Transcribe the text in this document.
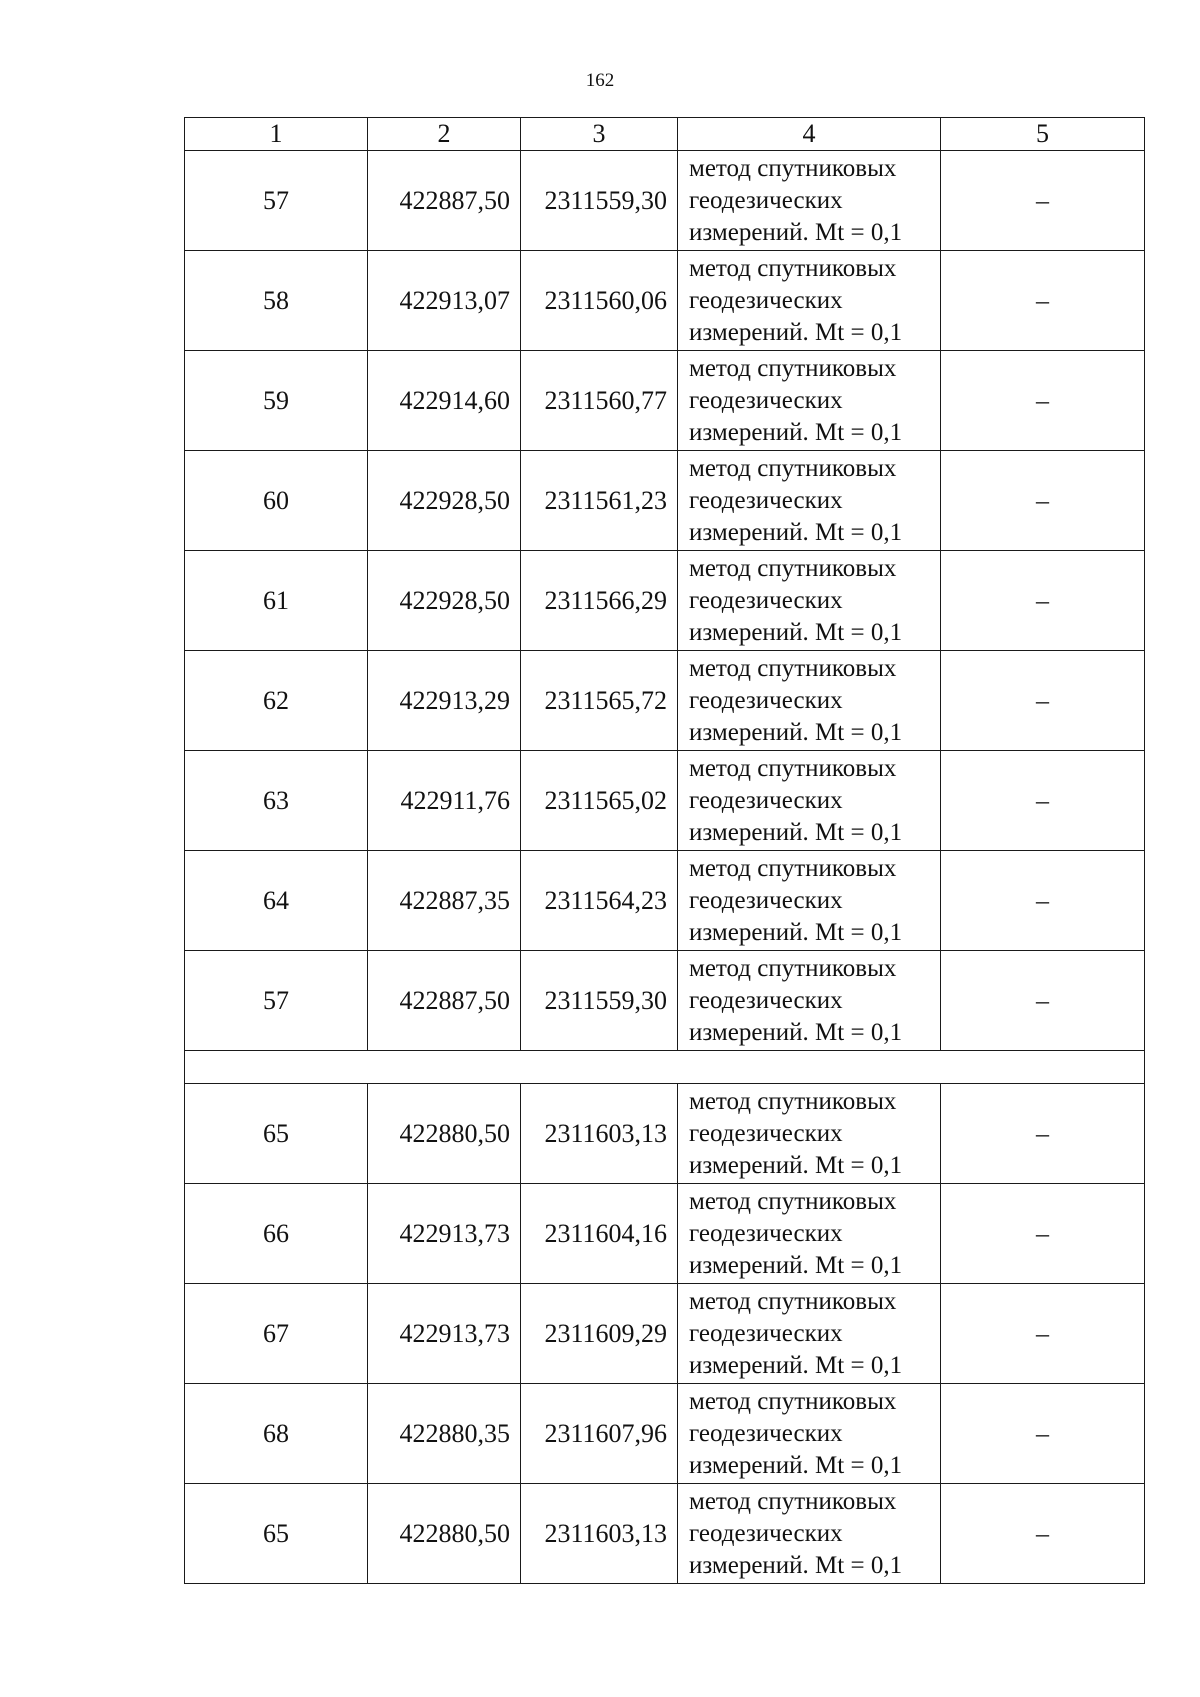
162
1	2	3	4	5
57	422887,50	2311559,30	метод спутниковых
геодезических
измерений. Mt = 0,1	–
58	422913,07	2311560,06	метод спутниковых
геодезических
измерений. Mt = 0,1	–
59	422914,60	2311560,77	метод спутниковых
геодезических
измерений. Mt = 0,1	–
60	422928,50	2311561,23	метод спутниковых
геодезических
измерений. Mt = 0,1	–
61	422928,50	2311566,29	метод спутниковых
геодезических
измерений. Mt = 0,1	–
62	422913,29	2311565,72	метод спутниковых
геодезических
измерений. Mt = 0,1	–
63	422911,76	2311565,02	метод спутниковых
геодезических
измерений. Mt = 0,1	–
64	422887,35	2311564,23	метод спутниковых
геодезических
измерений. Mt = 0,1	–
57	422887,50	2311559,30	метод спутниковых
геодезических
измерений. Mt = 0,1	–

65	422880,50	2311603,13	метод спутниковых
геодезических
измерений. Mt = 0,1	–
66	422913,73	2311604,16	метод спутниковых
геодезических
измерений. Mt = 0,1	–
67	422913,73	2311609,29	метод спутниковых
геодезических
измерений. Mt = 0,1	–
68	422880,35	2311607,96	метод спутниковых
геодезических
измерений. Mt = 0,1	–
65	422880,50	2311603,13	метод спутниковых
геодезических
измерений. Mt = 0,1	–
